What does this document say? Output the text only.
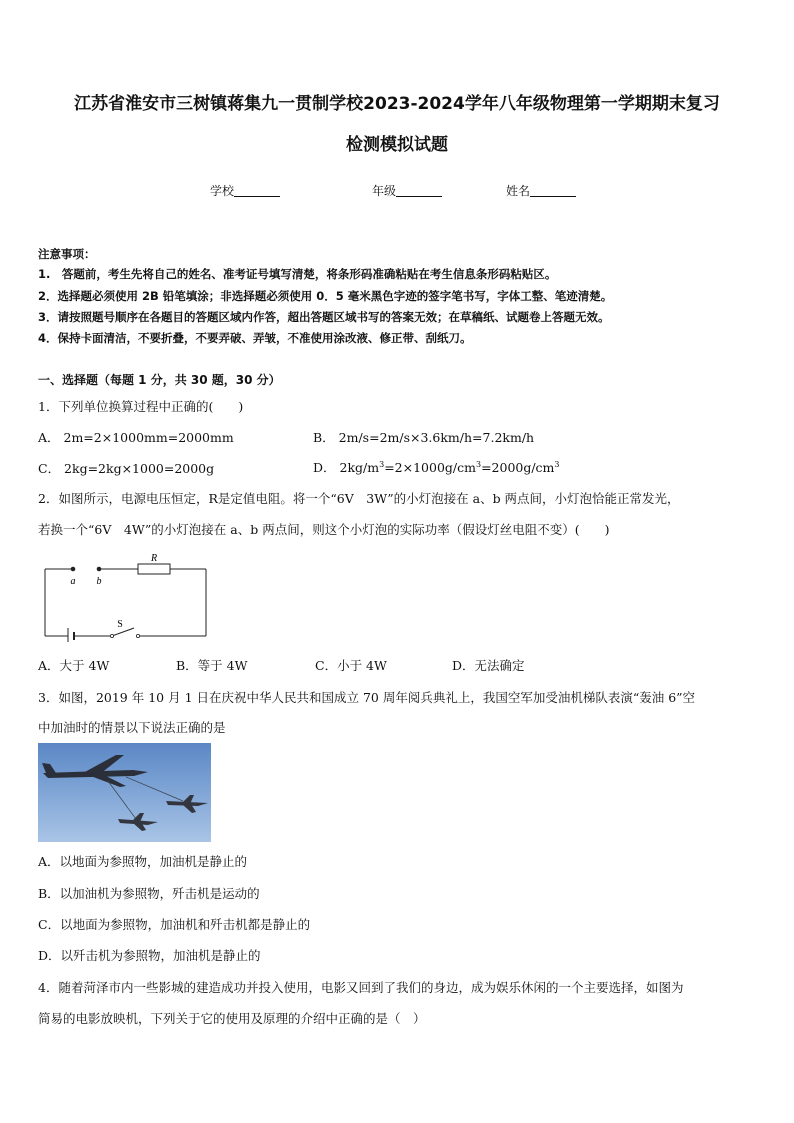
江苏省淮安市三树镇蒋集九一贯制学校2023-2024学年八年级物理第一学期期末复习
检测模拟试题
学校	年级	姓名
注意事项：
1.　答题前，考生先将自己的姓名、准考证号填写清楚，将条形码准确粘贴在考生信息条形码粘贴区。
2．选择题必须使用 2B 铅笔填涂；非选择题必须使用 0．5 毫米黑色字迹的签字笔书写，字体工整、笔迹清楚。
3．请按照题号顺序在各题目的答题区域内作答，超出答题区域书写的答案无效；在草稿纸、试题卷上答题无效。
4．保持卡面清洁，不要折叠，不要弄破、弄皱，不准使用涂改液、修正带、刮纸刀。
一、选择题（每题 1 分，共 30 题，30 分）
1．下列单位换算过程中正确的(　　)
A． 2m=2×1000mm=2000mm	B． 2m/s=2m/s×3.6km/h=7.2km/h
C． 2kg=2kg×1000=2000g	D． $2kg/m^3=2\times 1000g/cm^3=2000g/cm^3$
2．如图所示，电源电压恒定，R是定值电阻。将一个“6V　3W”的小灯泡接在 a、b 两点间，小灯泡恰能正常发光，
若换一个“6V　4W”的小灯泡接在 a、b 两点间，则这个小灯泡的实际功率（假设灯丝电阻不变）(　　)
R
a b
S
A．大于 4W	B．等于 4W	C．小于 4W	D．无法确定
3．如图，2019 年 10 月 1 日在庆祝中华人民共和国成立 70 周年阅兵典礼上，我国空军加受油机梯队表演“轰油 6”空
中加油时的情景以下说法正确的是
A．以地面为参照物，加油机是静止的
B．以加油机为参照物，歼击机是运动的
C．以地面为参照物，加油机和歼击机都是静止的
D．以歼击机为参照物，加油机是静止的
4．随着菏泽市内一些影城的建造成功并投入使用，电影又回到了我们的身边，成为娱乐休闲的一个主要选择，如图为
简易的电影放映机，下列关于它的使用及原理的介绍中正确的是（　）
